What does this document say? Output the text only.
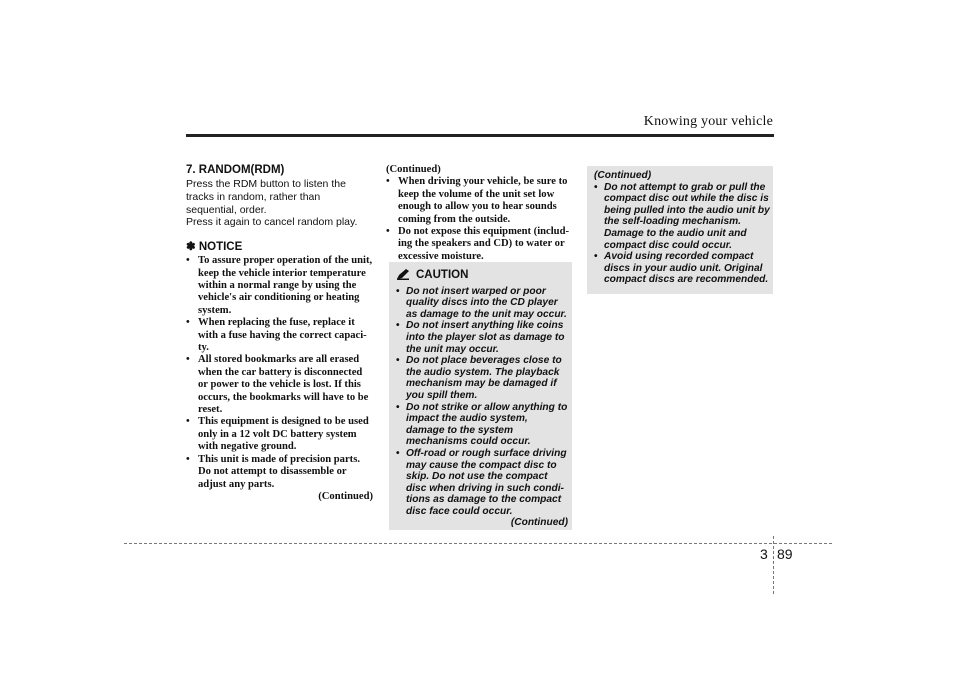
Knowing your vehicle
7. RANDOM(RDM)
Press the RDM button to listen the tracks in random, rather than sequential, order.
Press it again to cancel random play.
✽ NOTICE
• To assure proper operation of the unit, keep the vehicle interior temperature within a normal range by using the vehicle's air conditioning or heating system.
• When replacing the fuse, replace it with a fuse having the correct capaci-ty.
• All stored bookmarks are all erased when the car battery is disconnected or power to the vehicle is lost. If this occurs, the bookmarks will have to be reset.
• This equipment is designed to be used only in a 12 volt DC battery system with negative ground.
• This unit is made of precision parts. Do not attempt to disassemble or adjust any parts.
(Continued)
(Continued)
• When driving your vehicle, be sure to keep the volume of the unit set low enough to allow you to hear sounds coming from the outside.
• Do not expose this equipment (includ-ing the speakers and CD) to water or excessive moisture.
CAUTION
• Do not insert warped or poor quality discs into the CD player as damage to the unit may occur.
• Do not insert anything like coins into the player slot as damage to the unit may occur.
• Do not place beverages close to the audio system. The playback mechanism may be damaged if you spill them.
• Do not strike or allow anything to impact the audio system, damage to the system mechanisms could occur.
• Off-road or rough surface driving may cause the compact disc to skip. Do not use the compact disc when driving in such condi-tions as damage to the compact disc face could occur.
(Continued)
(Continued)
• Do not attempt to grab or pull the compact disc out while the disc is being pulled into the audio unit by the self-loading mechanism. Damage to the audio unit and compact disc could occur.
• Avoid using recorded compact discs in your audio unit. Original compact discs are recommended.
3 89
